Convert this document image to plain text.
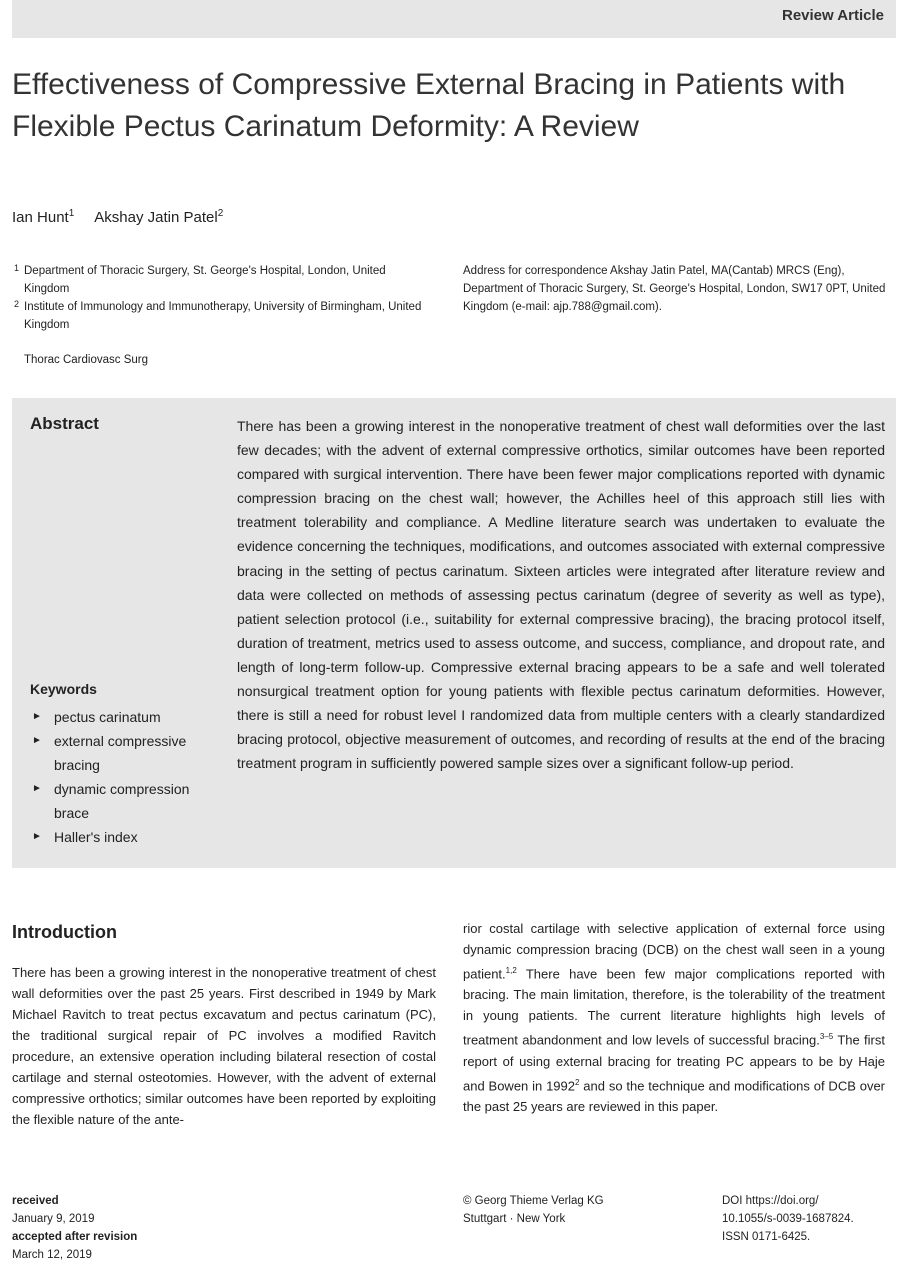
Review Article
Effectiveness of Compressive External Bracing in Patients with Flexible Pectus Carinatum Deformity: A Review
Ian Hunt$^1$ Akshay Jatin Patel$^2$
1 Department of Thoracic Surgery, St. George's Hospital, London, United Kingdom
2 Institute of Immunology and Immunotherapy, University of Birmingham, United Kingdom
Thorac Cardiovasc Surg
Address for correspondence Akshay Jatin Patel, MA(Cantab) MRCS (Eng), Department of Thoracic Surgery, St. George's Hospital, London, SW17 0PT, United Kingdom (e-mail: ajp.788@gmail.com).
Abstract	There has been a growing interest in the nonoperative treatment of chest wall deformities over the last few decades; with the advent of external compressive orthotics, similar outcomes have been reported compared with surgical intervention. There have been fewer major complications reported with dynamic compression bracing on the chest wall; however, the Achilles heel of this approach still lies with treatment tolerability and compliance. A Medline literature search was undertaken to evaluate the evidence concerning the techniques, modifications, and outcomes associated with external compressive bracing in the setting of pectus carinatum. Sixteen articles were integrated after literature review and data were collected on methods of assessing pectus carinatum (degree of severity as well as type), patient selection protocol (i.e., suitability for external compressive bracing), the bracing protocol itself, duration of treatment, metrics used to assess outcome, and success, compliance, and dropout rate, and length of long-term follow-up. Compressive external bracing appears to be a safe and well tolerated nonsurgical treatment option for young patients with flexible pectus carinatum deformities. However, there is still a need for robust level I randomized data from multiple centers with a clearly standardized bracing protocol, objective measurement of outcomes, and recording of results at the end of the bracing treatment program in sufficiently powered sample sizes over a significant follow-up period.
Keywords
► pectus carinatum
► external compressive bracing
► dynamic compression brace
► Haller's index
Introduction
There has been a growing interest in the nonoperative treatment of chest wall deformities over the past 25 years. First described in 1949 by Mark Michael Ravitch to treat pectus excavatum and pectus carinatum (PC), the traditional surgical repair of PC involves a modified Ravitch procedure, an extensive operation including bilateral resection of costal cartilage and sternal osteotomies. However, with the advent of external compressive orthotics; similar outcomes have been reported by exploiting the flexible nature of the ante-
rior costal cartilage with selective application of external force using dynamic compression bracing (DCB) on the chest wall seen in a young patient.$^{1,2}$ There have been few major complications reported with bracing. The main limitation, therefore, is the tolerability of the treatment in young patients. The current literature highlights high levels of treatment abandonment and low levels of successful bracing.$^{3-5}$ The first report of using external bracing for treating PC appears to be by Haje and Bowen in 1992$^2$ and so the technique and modifications of DCB over the past 25 years are reviewed in this paper.
received
January 9, 2019
accepted after revision
March 12, 2019
© Georg Thieme Verlag KG
Stuttgart · New York
DOI https://doi.org/
10.1055/s-0039-1687824.
ISSN 0171-6425.
